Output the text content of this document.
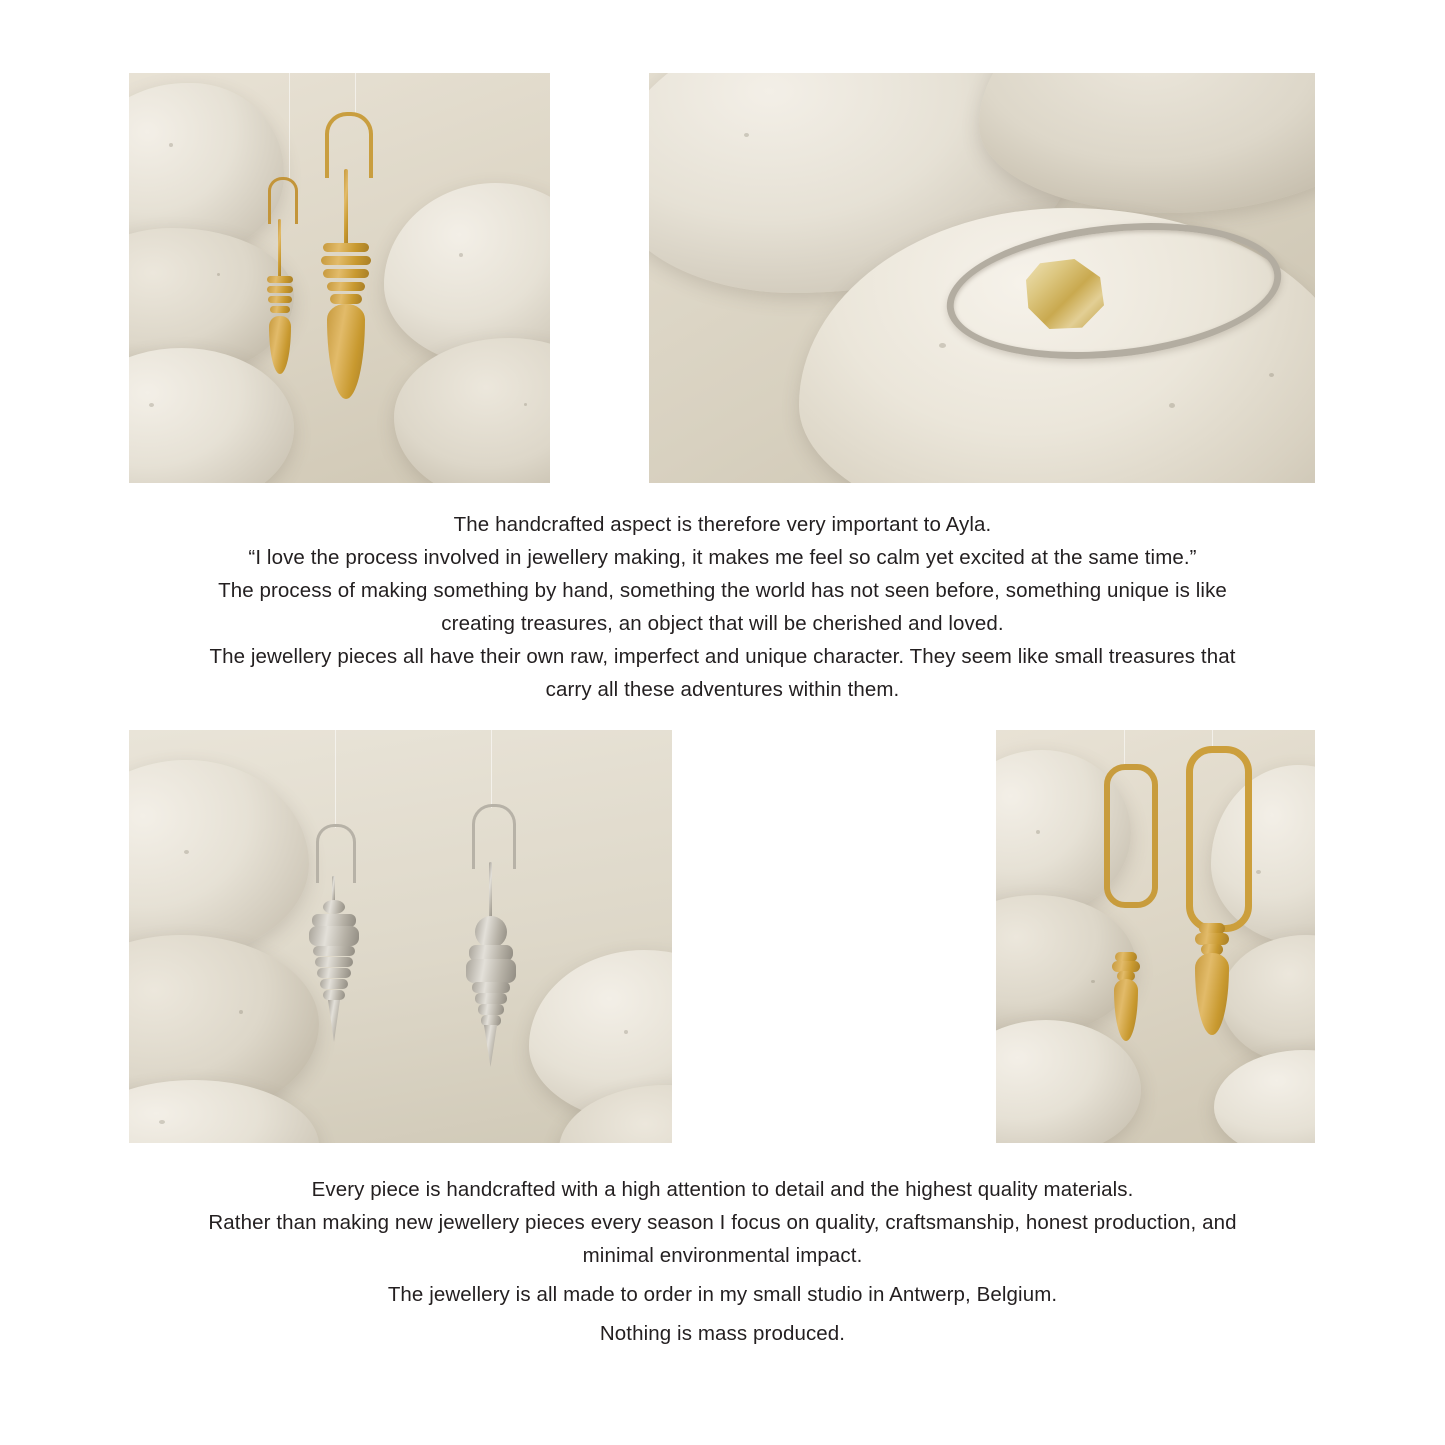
The handcrafted aspect is therefore very important to Ayla.

“I love the process involved in jewellery making, it makes me feel so calm yet excited at the same time.”

The process of making something by hand, something the world has not seen before, something unique is like

creating treasures, an object that will be cherished and loved.

The jewellery pieces all have their own raw, imperfect and unique character. They seem like small treasures that

carry all these adventures within them.

Every piece is handcrafted with a high attention to detail and the highest quality materials.

Rather than making new jewellery pieces every season I focus on quality, craftsmanship, honest production, and

minimal environmental impact.

The jewellery is all made to order in my small studio in Antwerp, Belgium.

Nothing is mass produced.
